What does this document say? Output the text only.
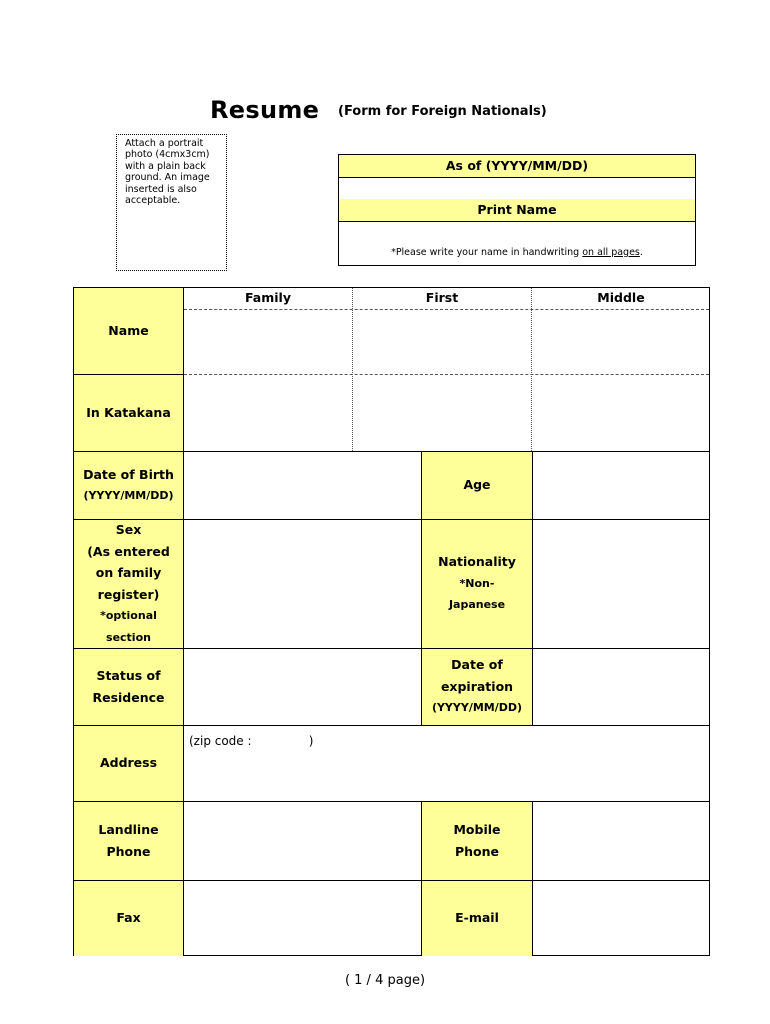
Resume (Form for Foreign Nationals)
Attach a portrait photo (4cmx3cm) with a plain back ground. An image inserted is also acceptable.
As of (YYYY/MM/DD)
Print Name
*Please write your name in handwriting on all pages.
Name
In Katakana
Date of Birth
(YYYY/MM/DD)
Sex
(As entered
on family
register)
*optional
section
Status of
Residence
Address
Landline
Phone
Fax
Age
Nationality
*Non-
Japanese
Date of
expiration
(YYYY/MM/DD)
Mobile
Phone
E-mail
Family	First	Middle
(zip code :               )
( 1 / 4 page)
